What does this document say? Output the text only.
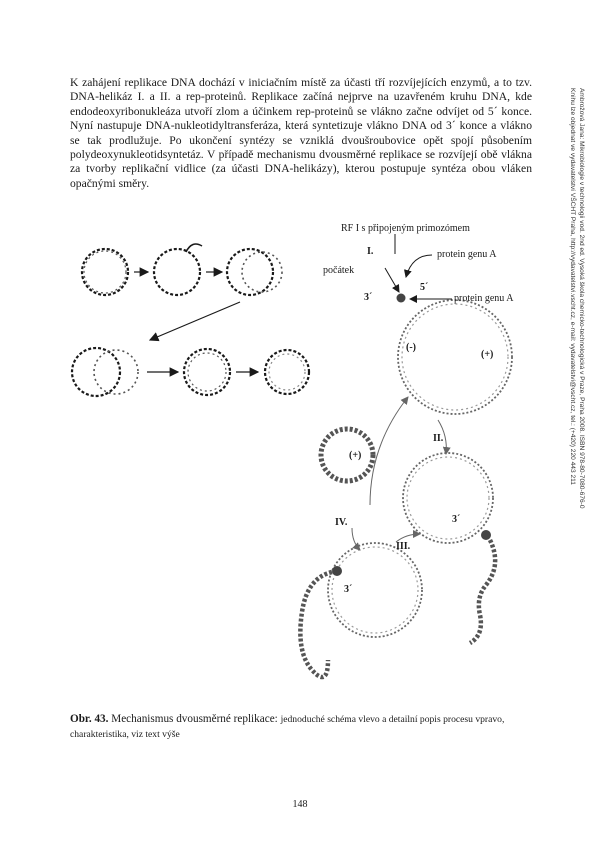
K zahájení replikace DNA dochází v iniciačním místě za účasti tří rozvíjejících enzymů, a to tzv. DNA-helikáz I. a II. a rep-proteinů. Replikace začíná nejprve na uzavřeném kruhu DNA, kde endodeoxyribonukleáza utvoří zlom a účinkem rep-proteinů se vlákno začne odvíjet od 5´ konce. Nyní nastupuje DNA-nukleotidyltransferáza, která syntetizuje vlákno DNA od 3´ konce a vlákno se tak prodlužuje. Po ukončení syntézy se vzniklá dvoušroubovice opět spojí působením polydeoxynukleotidsyntetáz. V případě mechanismu dvousměrné replikace se rozvíjejí obě vlákna za tvorby replikační vidlice (za účasti DNA-helikázy), kterou postupuje syntéza obou vláken opačnými směry.	Ambrožová Jana: Mikrobiologie v technologii vod. 2nd ed. Vysoká škola chemicko-technologická v Praze, Praha 2008. ISBN 978-80-7080-676-0
Knihu lze objednat ve vydavatelství VŠCHT Praha, http://vydavatelstvi.vscht.cz, e-mail: vydavatelstvi@vscht.cz, tel.: (+420) 220 443 211
RF I s připojeným primozómem
I.	protein genu A
počátek
3´
5´
protein genu A
(-)
(+)
II.
(+)
3´
IV.
III.
3´

Obr. 43. Mechanismus dvousměrné replikace: jednoduché schéma vlevo a detailní popis procesu vpravo, charakteristika, viz text výše

148
